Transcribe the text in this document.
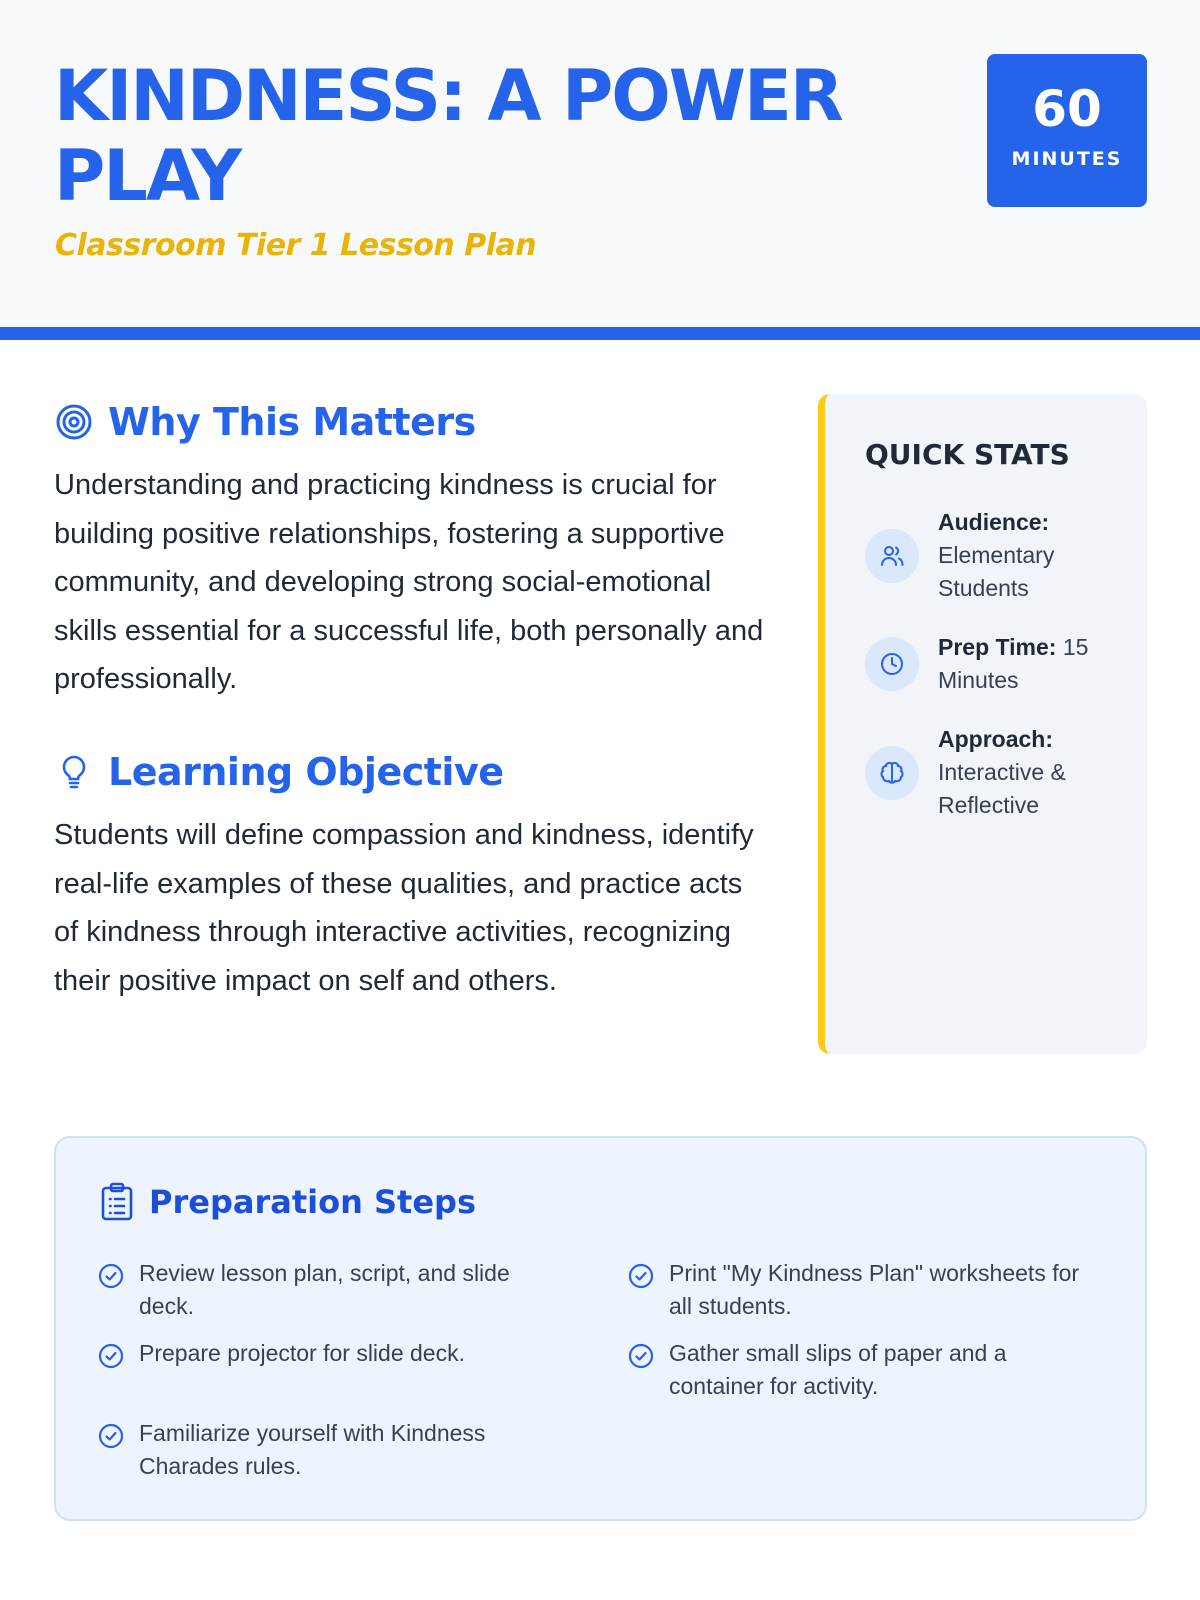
KINDNESS: A POWER PLAY
Classroom Tier 1 Lesson Plan
60
MINUTES
Why This Matters

Understanding and practicing kindness is crucial for building positive relationships, fostering a supportive community, and developing strong social-emotional skills essential for a successful life, both personally and professionally.

Learning Objective

Students will define compassion and kindness, identify real-life examples of these qualities, and practice acts of kindness through interactive activities, recognizing their positive impact on self and others.

QUICK STATS
Audience: Elementary Students
Prep Time: 15 Minutes
Approach: Interactive & Reflective
Preparation Steps
Review lesson plan, script, and slide deck.
Print "My Kindness Plan" worksheets for all students.
Prepare projector for slide deck.	Gather small slips of paper and a container for activity.
Familiarize yourself with Kindness Charades rules.
